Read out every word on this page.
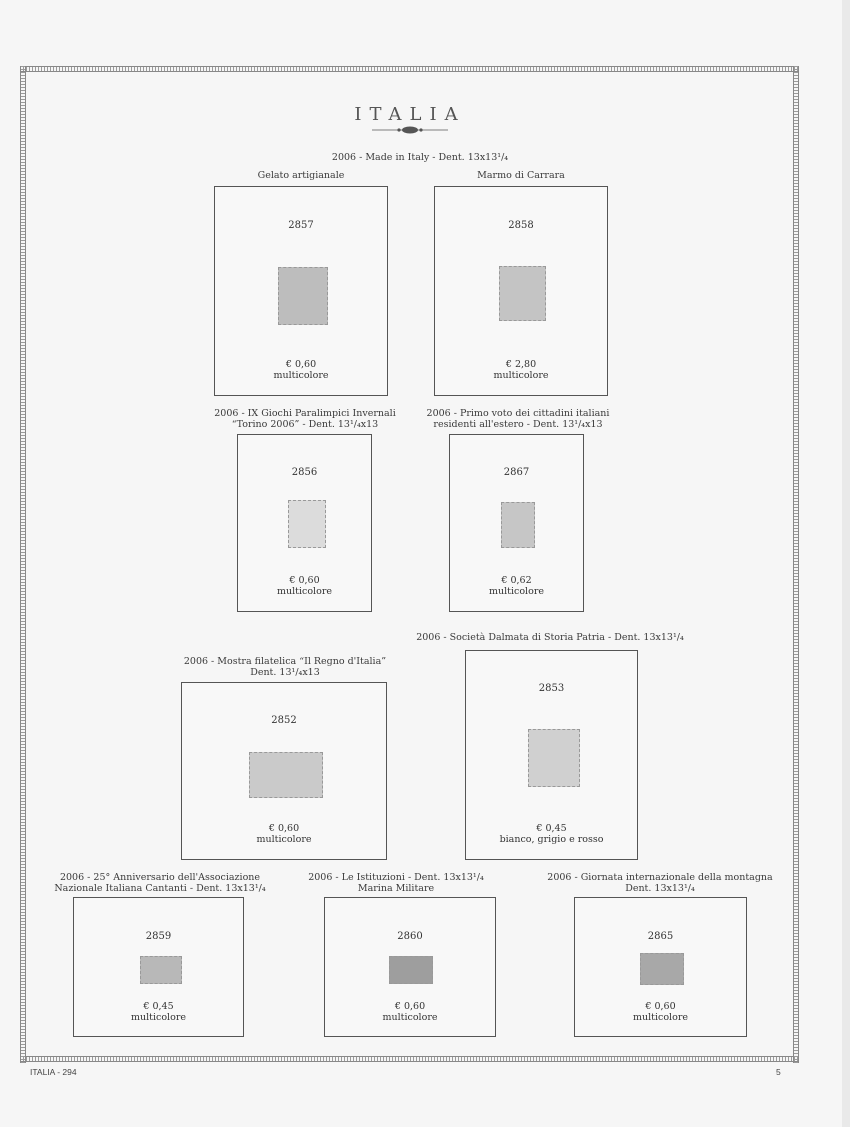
ITALIA
2006 - Made in Italy - Dent. 13x13¹/₄
Gelato artigianale	Marmo di Carrara
2857
€ 0,60
multicolore
2858
€ 2,80
multicolore
2006 - IX Giochi Paralimpici Invernali
“Torino 2006” - Dent. 13¹/₄x13
2006 - Primo voto dei cittadini italiani
residenti all'estero - Dent. 13¹/₄x13
2856
€ 0,60
multicolore
2867
€ 0,62
multicolore
2006 - Mostra filatelica “Il Regno d'Italia”
Dent. 13¹/₄x13
2006 - Società Dalmata di Storia Patria - Dent. 13x13¹/₄
2852
€ 0,60
multicolore
2853
€ 0,45
bianco, grigio e rosso
2006 - 25° Anniversario dell'Associazione
Nazionale Italiana Cantanti - Dent. 13x13¹/₄
2006 - Le Istituzioni - Dent. 13x13¹/₄
Marina Militare
2006 - Giornata internazionale della montagna
Dent. 13x13¹/₄
2859
€ 0,45
multicolore
2860
€ 0,60
multicolore
2865
€ 0,60
multicolore
ITALIA - 294	5
